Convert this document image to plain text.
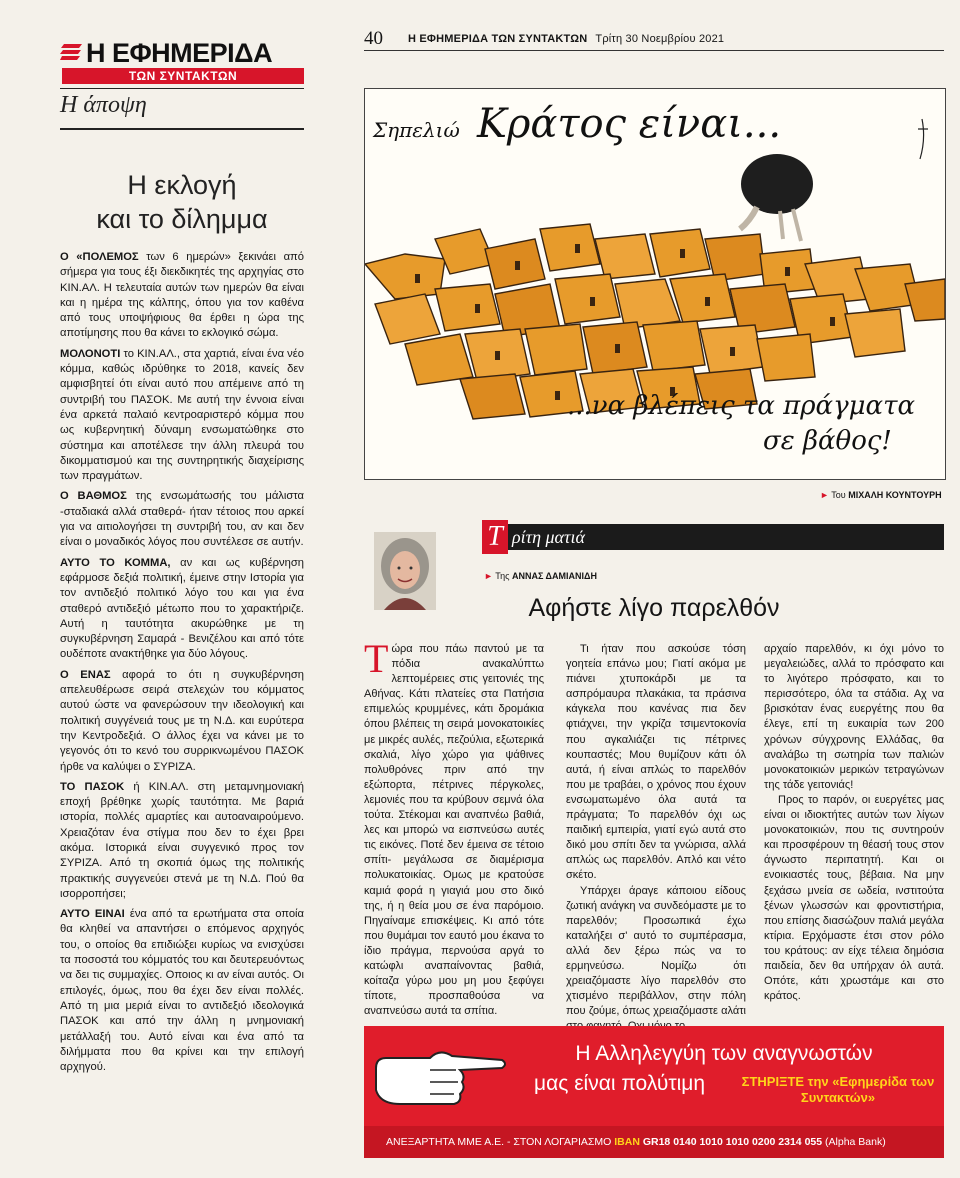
Η ΕΦΗΜΕΡΙΔΑ
ΤΩΝ ΣΥΝΤΑΚΤΩΝ
Η άποψη
Η εκλογή
και το δίλημμα

Ο «ΠΟΛΕΜΟΣ των 6 ημερών» ξεκινάει από σήμερα για τους έξι διεκδικητές της αρχηγίας στο ΚΙΝ.ΑΛ. Η τελευταία αυτών των ημερών θα είναι και η ημέρα της κάλπης, όπου για τον καθένα από τους υποψήφιους θα έρθει η ώρα της αποτίμησης που θα κάνει το εκλογικό σώμα.

ΜΟΛΟΝΟΤΙ το ΚΙΝ.ΑΛ., στα χαρτιά, είναι ένα νέο κόμμα, καθώς ιδρύθηκε το 2018, κανείς δεν αμφισβητεί ότι είναι αυτό που απέμεινε από τη συντριβή του ΠΑΣΟΚ. Με αυτή την έννοια είναι ένα αρκετά παλαιό κεντροαριστερό κόμμα που ως κυβερνητική δύναμη ενσωματώθηκε στο σύστημα και αποτέλεσε την άλλη πλευρά του δικομματισμού και της συντηρητικής διαχείρισης των πραγμάτων.

Ο ΒΑΘΜΟΣ της ενσωμάτωσής του μάλιστα -σταδιακά αλλά σταθερά- ήταν τέτοιος που αρκεί για να αιτιολογήσει τη συντριβή του, αν και δεν είναι ο μοναδικός λόγος που συντέλεσε σε αυτήν.

ΑΥΤΟ ΤΟ ΚΟΜΜΑ, αν και ως κυβέρνηση εφάρμοσε δεξιά πολιτική, έμεινε στην Ιστορία για τον αντιδεξιό πολιτικό λόγο του και για ένα σταθερό αντιδεξιό μέτωπο που το χαρακτήριζε. Αυτή η ταυτότητα ακυρώθηκε με τη συγκυβέρνηση Σαμαρά - Βενιζέλου και από τότε ουδέποτε ανακτήθηκε για δύο λόγους.

Ο ΕΝΑΣ αφορά το ότι η συγκυβέρνηση απελευθέρωσε σειρά στελεχών του κόμματος αυτού ώστε να φανερώσουν την ιδεολογική και πολιτική συγγένειά τους με τη Ν.Δ. και ευρύτερα την Κεντροδεξιά. Ο άλλος έχει να κάνει με το γεγονός ότι το κενό του συρρικνωμένου ΠΑΣΟΚ ήρθε να καλύψει ο ΣΥΡΙΖΑ.

ΤΟ ΠΑΣΟΚ ή ΚΙΝ.ΑΛ. στη μεταμνημονιακή εποχή βρέθηκε χωρίς ταυτότητα. Με βαριά ιστορία, πολλές αμαρτίες και αυτοαναιρούμενο. Χρειαζόταν ένα στίγμα που δεν το έχει βρει ακόμα. Ιστορικά είναι συγγενικό προς τον ΣΥΡΙΖΑ. Από τη σκοπιά όμως της πολιτικής πρακτικής συγγενεύει στενά με τη Ν.Δ. Πού θα ισορροπήσει;

ΑΥΤΟ ΕΙΝΑΙ ένα από τα ερωτήματα στα οποία θα κληθεί να απαντήσει ο επόμενος αρχηγός του, ο οποίος θα επιδιώξει κυρίως να ενισχύσει τα ποσοστά του κόμματός του και δευτερευόντως να δει τις συμμαχίες. Οποιος κι αν είναι αυτός. Οι επιλογές, όμως, που θα έχει δεν είναι πολλές. Από τη μια μεριά είναι το αντιδεξιό ιδεολογικά ΠΑΣΟΚ και από την άλλη η μνημονιακή μετάλλαξή του. Αυτό είναι και ένα από τα διλήμματα που θα κρίνει και την επιλογή αρχηγού.

40 Η ΕΦΗΜΕΡΙΔΑ ΤΩΝ ΣΥΝΤΑΚΤΩΝ Τρίτη 30 Νοεμβρίου 2021
Σηπελιώ Κράτος είναι...
...να βλέπεις τα πράγματα
σε βάθος!
► Του ΜΙΧΑΛΗ ΚΟΥΝΤΟΥΡΗ
Τ ρίτη ματιά
► Της ΑΝΝΑΣ ΔΑΜΙΑΝΙΔΗ
Αφήστε λίγο παρελθόν

Τώρα που πάω παντού με τα πόδια ανακαλύπτω λεπτομέρειες στις γειτονιές της Αθήνας. Κάτι πλατείες στα Πατήσια επιμελώς κρυμμένες, κάτι δρομάκια όπου βλέπεις τη σειρά μονοκατοικίες με μικρές αυλές, πεζούλια, εξωτερικά σκαλιά, λίγο χώρο για ψάθινες πολυθρόνες πριν από την εξώπορτα, πέτρινες πέργκολες, λεμονιές που τα κρύβουν σεμνά όλα τούτα. Στέκομαι και αναπνέω βαθιά, λες και μπορώ να εισπνεύσω αυτές τις εικόνες. Ποτέ δεν έμεινα σε τέτοιο σπίτι- μεγάλωσα σε διαμέρισμα πολυκατοικίας. Ομως με κρατούσε καμιά φορά η γιαγιά μου στο δικό της, ή η θεία μου σε ένα παρόμοιο. Πηγαίναμε επισκέψεις. Κι από τότε που θυμάμαι τον εαυτό μου έκανα το ίδιο πράγμα, περνούσα αργά το κατώφλι αναπαίνοντας βαθιά, κοίταζα γύρω μου μη μου ξεφύγει τίποτε, προσπαθούσα να αναπνεύσω αυτά τα σπίτια.

Τι ήταν που ασκούσε τόση γοητεία επάνω μου; Γιατί ακόμα με πιάνει χτυποκάρδι με τα ασπρόμαυρα πλακάκια, τα πράσινα κάγκελα που κανένας πια δεν φτιάχνει, την γκρίζα τσιμεντοκονία που αγκαλιάζει τις πέτρινες κουπαστές; Μου θυμίζουν κάτι όλ αυτά, ή είναι απλώς το παρελθόν που με τραβάει, ο χρόνος που έχουν ενσωματωμένο όλα αυτά τα πράγματα; Το παρελθόν όχι ως παιδική εμπειρία, γιατί εγώ αυτά στο δικό μου σπίτι δεν τα γνώρισα, αλλά απλώς ως παρελθόν. Απλό και νέτο σκέτο.

Υπάρχει άραγε κάποιου είδους ζωτική ανάγκη να συνδεόμαστε με το παρελθόν; Προσωπικά έχω καταλήξει σ' αυτό το συμπέρασμα, αλλά δεν ξέρω πώς να το ερμηνεύσω. Νομίζω ότι χρειαζόμαστε λίγο παρελθόν στο χτισμένο περιβάλλον, στην πόλη που ζούμε, όπως χρειαζόμαστε αλάτι

αρχαίο παρελθόν, κι όχι μόνο το μεγαλειώδες, αλλά το πρόσφατο και το λιγότερο πρόσφατο, και το περισσότερο, όλα τα στάδια. Αχ να βρισκόταν ένας ευεργέτης που θα έλεγε, επί τη ευκαιρία των 200 χρόνων σύγχρονης Ελλάδας, θα αναλάβω τη σωτηρία των παλιών μονοκατοικιών μερικών τετραγώνων της τάδε γειτονιάς!

Προς το παρόν, οι ευεργέτες μας είναι οι ιδιοκτήτες αυτών των λίγων μονοκατοικιών, που τις συντηρούν και προσφέρουν τη θέασή τους στον άγνωστο περιπατητή. Και οι ενοικιαστές τους, βέβαια. Να μην ξεχάσω μνεία σε ωδεία, ινστιτούτα ξένων γλωσσών και φροντιστήρια, που επίσης διασώζουν παλιά μεγάλα κτίρια. Ερχόμαστε έτσι στον ρόλο του κράτους: αν είχε τέλεια δημόσια παιδεία, δεν θα υπήρχαν όλ αυτά. Οπότε, κάτι χρωστάμε και στο κράτος.

Η Αλληλεγγύη των αναγνωστών
μας είναι πολύτιμη	ΣΤΗΡΙΞΤΕ την «Εφημερίδα των Συντακτών»
ΑΝΕΞΑΡΤΗΤΑ ΜΜΕ Α.Ε. - ΣΤΟΝ ΛΟΓΑΡΙΑΣΜΟ IBAN GR18 0140 1010 1010 0200 2314 055 (Alpha Bank)
